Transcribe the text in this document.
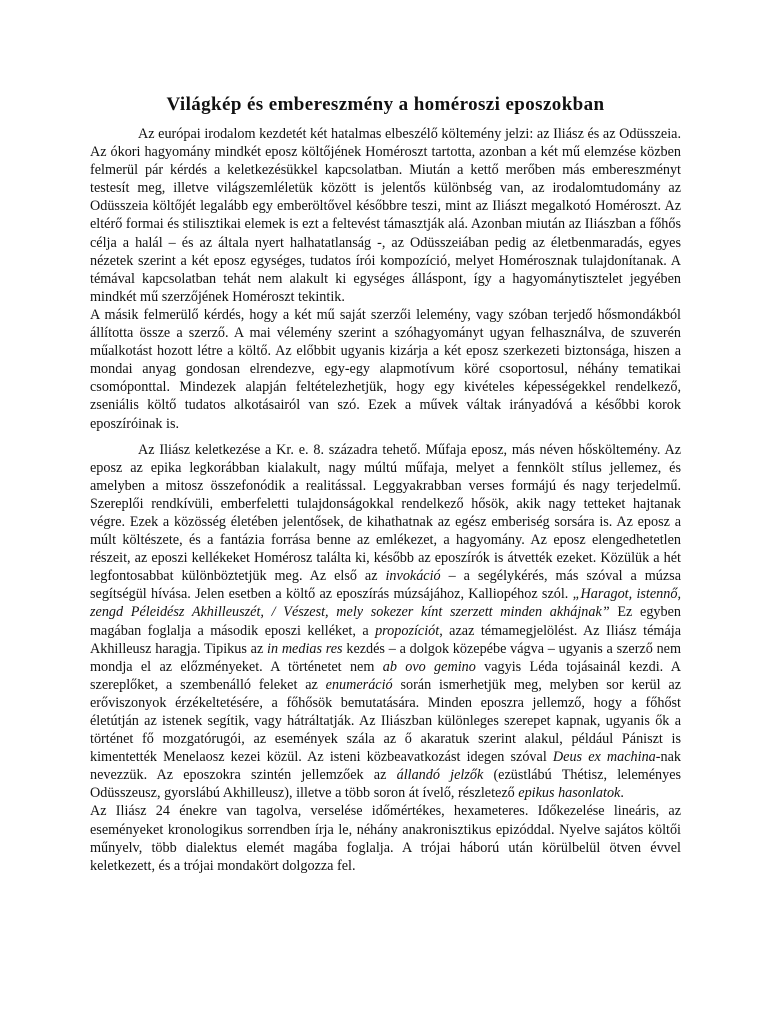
Világkép és embereszmény a homéroszi eposzokban

Az európai irodalom kezdetét két hatalmas elbeszélő költemény jelzi: az Iliász és az Odüsszeia. Az ókori hagyomány mindkét eposz költőjének Homéroszt tartotta, azonban a két mű elemzése közben felmerül pár kérdés a keletkezésükkel kapcsolatban. Miután a kettő merőben más embereszményt testesít meg, illetve világszemléletük között is jelentős különbség van, az irodalomtudomány az Odüsszeia költőjét legalább egy emberöltővel későbbre teszi, mint az Iliászt megalkotó Homéroszt. Az eltérő formai és stilisztikai elemek is ezt a feltevést támasztják alá. Azonban miután az Iliászban a főhős célja a halál – és az általa nyert halhatatlanság -, az Odüsszeiában pedig az életbenmaradás, egyes nézetek szerint a két eposz egységes, tudatos írói kompozíció, melyet Homérosznak tulajdonítanak. A témával kapcsolatban tehát nem alakult ki egységes álláspont, így a hagyománytisztelet jegyében mindkét mű szerzőjének Homéroszt tekintik.

A másik felmerülő kérdés, hogy a két mű saját szerzői lelemény, vagy szóban terjedő hősmondákból állította össze a szerző. A mai vélemény szerint a szóhagyományt ugyan felhasználva, de szuverén műalkotást hozott létre a költő. Az előbbit ugyanis kizárja a két eposz szerkezeti biztonsága, hiszen a mondai anyag gondosan elrendezve, egy-egy alapmotívum köré csoportosul, néhány tematikai csomóponttal. Mindezek alapján feltételezhetjük, hogy egy kivételes képességekkel rendelkező, zseniális költő tudatos alkotásairól van szó. Ezek a művek váltak irányadóvá a későbbi korok eposzíróinak is.

Az Iliász keletkezése a Kr. e. 8. századra tehető. Műfaja eposz, más néven hősköltemény. Az eposz az epika legkorábban kialakult, nagy múltú műfaja, melyet a fennkölt stílus jellemez, és amelyben a mitosz összefonódik a realitással. Leggyakrabban verses formájú és nagy terjedelmű. Szereplői rendkívüli, emberfeletti tulajdonságokkal rendelkező hősök, akik nagy tetteket hajtanak végre. Ezek a közösség életében jelentősek, de kihathatnak az egész emberiség sorsára is. Az eposz a múlt költészete, és a fantázia forrása benne az emlékezet, a hagyomány. Az eposz elengedhetetlen részeit, az eposzi kellékeket Homérosz találta ki, később az eposzírók is átvették ezeket. Közülük a hét legfontosabbat különböztetjük meg. Az első az invokáció – a segélykérés, más szóval a múzsa segítségül hívása. Jelen esetben a költő az eposzírás múzsájához, Kalliopéhoz szól. „Haragot, istennő, zengd Péleidész Akhilleuszét, / Vészest, mely sokezer kínt szerzett minden akhájnak” Ez egyben magában foglalja a második eposzi kelléket, a propozíciót, azaz témamegjelölést. Az Iliász témája Akhilleusz haragja. Tipikus az in medias res kezdés – a dolgok közepébe vágva – ugyanis a szerző nem mondja el az előzményeket. A történetet nem ab ovo gemino vagyis Léda tojásainál kezdi. A szereplőket, a szembenálló feleket az enumeráció során ismerhetjük meg, melyben sor kerül az erőviszonyok érzékeltetésére, a főhősök bemutatására. Minden eposzra jellemző, hogy a főhőst életútján az istenek segítik, vagy hátráltatják. Az Iliászban különleges szerepet kapnak, ugyanis ők a történet fő mozgatórugói, az események szála az ő akaratuk szerint alakul, például Pániszt is kimentették Menelaosz kezei közül. Az isteni közbeavatkozást idegen szóval Deus ex machina-nak nevezzük. Az eposzokra szintén jellemzőek az állandó jelzők (ezüstlábú Thétisz, leleményes Odüsszeusz, gyorslábú Akhilleusz), illetve a több soron át ívelő, részletező epikus hasonlatok.

Az Iliász 24 énekre van tagolva, verselése időmértékes, hexameteres. Időkezelése lineáris, az eseményeket kronologikus sorrendben írja le, néhány anakronisztikus epizóddal. Nyelve sajátos költői műnyelv, több dialektus elemét magába foglalja. A trójai háború után körülbelül ötven évvel keletkezett, és a trójai mondakört dolgozza fel.
